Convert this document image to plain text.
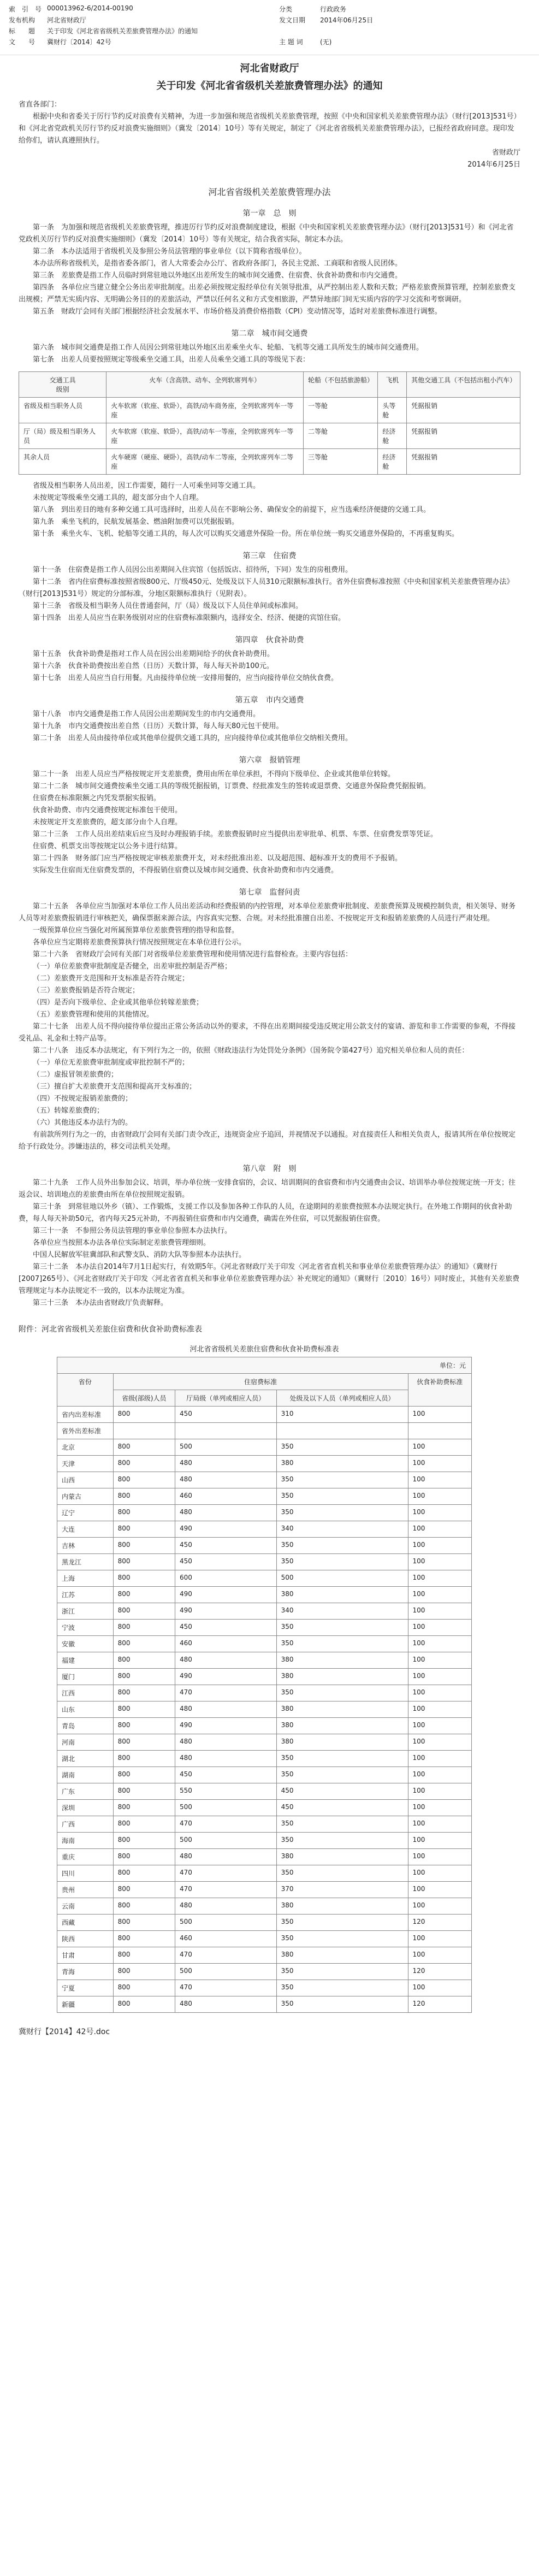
索　引　号 000013962-6/2014-00190	分类	行政政务
发布机构 河北省财政厅	发文日期 2014年06月25日
标　　题 关于印发《河北省省级机关差旅费管理办法》的通知
文　　号 冀财行〔2014〕42号	主 题 词	(无)
河北省财政厅
关于印发《河北省省级机关差旅费管理办法》的通知

省直各部门：

根据中央和省委关于厉行节约反对浪费有关精神，为进一步加强和规范省级机关差旅费管理，按照《中央和国家机关差旅费管理办法》（财行[2013]531号）和《河北省党政机关厉行节约反对浪费实施细则》（冀发〔2014〕10号）等有关规定，制定了《河北省省级机关差旅费管理办法》，已报经省政府同意。现印发给你们，请认真遵照执行。

省财政厅

2014年6月25日

河北省省级机关差旅费管理办法
第一章　总　则

第一条　为加强和规范省级机关差旅费管理，推进厉行节约反对浪费制度建设，根据《中央和国家机关差旅费管理办法》（财行[2013]531号）和《河北省党政机关厉行节约反对浪费实施细则》（冀发〔2014〕10号）等有关规定，结合我省实际，制定本办法。

第二条　本办法适用于省级机关及参照公务员法管理的事业单位（以下简称省级单位）。

本办法所称省级机关，是指省委各部门，省人大常委会办公厅、省政府各部门，各民主党派、工商联和省级人民团体。

第三条　差旅费是指工作人员临时到常驻地以外地区出差所发生的城市间交通费、住宿费、伙食补助费和市内交通费。

第四条　各单位应当建立健全公务出差审批制度。出差必须按规定报经单位有关领导批准，从严控制出差人数和天数；严格差旅费预算管理，控制差旅费支出规模；严禁无实质内容、无明确公务目的的差旅活动，严禁以任何名义和方式变相旅游，严禁异地部门间无实质内容的学习交流和考察调研。

第五条　财政厅会同有关部门根据经济社会发展水平、市场价格及消费价格指数（CPI）变动情况等，适时对差旅费标准进行调整。

第二章　城市间交通费

第六条　城市间交通费是指工作人员因公到常驻地以外地区出差乘坐火车、轮船、飞机等交通工具所发生的城市间交通费用。

第七条　出差人员要按照规定等级乘坐交通工具，出差人员乘坐交通工具的等级见下表：

交通工具
级别	火车（含高铁、动车、全列软席列车）	轮船（不包括旅游船）	飞机	其他交通工具（不包括出租小汽车）
省级及相当职务人员	火车软席（软座、软卧），高铁/动车商务座，全列软席列车一等座	一等舱	头等舱	凭据报销
厅（局）级及相当职务人员	火车软席（软座、软卧），高铁/动车一等座，全列软席列车一等座	二等舱	经济舱	凭据报销
其余人员	火车硬席（硬座、硬卧），高铁/动车二等座，全列软席列车二等座	三等舱	经济舱	凭据报销

省级及相当职务人员出差，因工作需要，随行一人可乘坐同等交通工具。

未按规定等级乘坐交通工具的，超支部分由个人自理。

第八条　到出差目的地有多种交通工具可选择时，出差人员在不影响公务、确保安全的前提下，应当选乘经济便捷的交通工具。

第九条　乘坐飞机的，民航发展基金、燃油附加费可以凭据报销。

第十条　乘坐火车、飞机、轮船等交通工具的，每人次可以购买交通意外保险一份。所在单位统一购买交通意外保险的，不再重复购买。

第三章　住宿费

第十一条　住宿费是指工作人员因公出差期间入住宾馆（包括饭店、招待所，下同）发生的房租费用。

第十二条　省内住宿费标准按照省级800元、厅级450元、处级及以下人员310元限额标准执行。省外住宿费标准按照《中央和国家机关差旅费管理办法》（财行[2013]531号）规定的分部标准，分地区限额标准执行（见附表）。

第十三条　省级及相当职务人员住普通套间，厅（局）级及以下人员住单间或标准间。

第十四条　出差人员应当在职务级别对应的住宿费标准限额内，选择安全、经济、便捷的宾馆住宿。

第四章　伙食补助费

第十五条　伙食补助费是指对工作人员在因公出差期间给予的伙食补助费用。

第十六条　伙食补助费按出差自然（日历）天数计算，每人每天补助100元。

第十七条　出差人员应当自行用餐。凡由接待单位统一安排用餐的，应当向接待单位交纳伙食费。

第五章　市内交通费

第十八条　市内交通费是指工作人员因公出差期间发生的市内交通费用。

第十九条　市内交通费按出差自然（日历）天数计算，每人每天80元包干使用。

第二十条　出差人员由接待单位或其他单位提供交通工具的，应向接待单位或其他单位交纳相关费用。

第六章　报销管理

第二十一条　出差人员应当严格按规定开支差旅费，费用由所在单位承担，不得向下级单位、企业或其他单位转嫁。

第二十二条　城市间交通费按乘坐交通工具的等级凭据报销，订票费、经批准发生的签转或退票费、交通意外保险费凭据报销。

住宿费在标准限额之内凭发票据实报销。

伙食补助费、市内交通费按规定标准包干使用。

未按规定开支差旅费的，超支部分由个人自理。

第二十三条　工作人员出差结束后应当及时办理报销手续。差旅费报销时应当提供出差审批单、机票、车票、住宿费发票等凭证。

住宿费、机票支出等按规定以公务卡进行结算。

第二十四条　财务部门应当严格按规定审核差旅费开支，对未经批准出差、以及超范围、超标准开支的费用不予报销。

实际发生住宿而无住宿费发票的，不得报销住宿费以及城市间交通费、伙食补助费和市内交通费。

第七章　监督问责

第二十五条　各单位应当加强对本单位工作人员出差活动和经费报销的内控管理，对本单位差旅费审批制度、差旅费预算及规模控制负责，相关领导、财务人员等对差旅费报销进行审核把关，确保票据来源合法，内容真实完整、合规。对未经批准擅自出差、不按规定开支和报销差旅费的人员进行严肃处理。

一级预算单位应当强化对所属预算单位差旅费管理的指导和监督。

各单位应当定期将差旅费预算执行情况按照规定在本单位进行公示。

第二十六条　省财政厅会同有关部门对省级单位差旅费管理和使用情况进行监督检查。主要内容包括：

（一）单位差旅费审批制度是否健全，出差审批控制是否严格；

（二）差旅费开支范围和开支标准是否符合规定；

（三）差旅费报销是否符合规定；

（四）是否向下级单位、企业或其他单位转嫁差旅费；

（五）差旅费管理和使用的其他情况。

第二十七条　出差人员不得向接待单位提出正常公务活动以外的要求，不得在出差期间接受违反规定用公款支付的宴请、游览和非工作需要的参观，不得接受礼品、礼金和土特产品等。

第二十八条　违反本办法规定，有下列行为之一的，依照《财政违法行为处罚处分条例》（国务院令第427号）追究相关单位和人员的责任：

（一）单位无差旅费审批制度或审批控制不严的；

（二）虚报冒领差旅费的；

（三）擅自扩大差旅费开支范围和提高开支标准的；

（四）不按规定报销差旅费的；

（五）转嫁差旅费的；

（六）其他违反本办法行为的。

有前款所列行为之一的，由省财政厅会同有关部门责令改正，违规资金应予追回，并视情况予以通报。对直接责任人和相关负责人，报请其所在单位按规定给予行政处分。涉嫌违法的，移交司法机关处理。

第八章　附　则

第二十九条　工作人员外出参加会议、培训，举办单位统一安排食宿的，会议、培训期间的食宿费和市内交通费由会议、培训举办单位按规定统一开支；往返会议、培训地点的差旅费由所在单位按照规定报销。

第三十条　到常驻地以外乡（镇）、工作锻炼，支援工作以及参加各种工作队的人员，在途期间的差旅费按照本办法规定执行。在外地工作期间的伙食补助费，每人每天补助50元，省内每天25元补助，不再报销住宿费和市内交通费，确需在外住宿，可以凭据报销住宿费。

第三十一条　不参照公务员法管理的事业单位参照本办法执行。

各单位应当按照本办法各单位实际制定差旅费管理细则。

中国人民解放军驻冀部队和武警支队、消防大队等参照本办法执行。

第三十二条　本办法自2014年7月1日起实行，有效期5年。《河北省财政厅关于印发〈河北省省直机关和事业单位差旅费管理办法〉的通知》（冀财行[2007]265号）、《河北省财政厅关于印发〈河北省省直机关和事业单位差旅费管理办法〉补充规定的通知》（冀财行〔2010〕16号）同时废止，其他有关差旅费管理规定与本办法规定不一致的，以本办法规定为准。

第三十三条　本办法由省财政厅负责解释。

附件：河北省省级机关差旅住宿费和伙食补助费标准表
河北省省级机关差旅住宿费和伙食补助费标准表
单位：元				
省份	住宿费标准			伙食补助费标准
	省级(部级)人员	厅局级（单列或相应人员）	处级及以下人员（单列或相应人员）	
省内出差标准	800	450	310	100
省外出差标准				
北京	800	500	350	100
天津	800	480	380	100
山西	800	480	350	100
内蒙古	800	460	350	100
辽宁	800	480	350	100
大连	800	490	340	100
吉林	800	450	350	100
黑龙江	800	450	350	100
上海	800	600	500	100
江苏	800	490	380	100
浙江	800	490	340	100
宁波	800	450	350	100
安徽	800	460	350	100
福建	800	480	380	100
厦门	800	490	380	100
江西	800	470	350	100
山东	800	480	380	100
青岛	800	490	380	100
河南	800	480	380	100
湖北	800	480	350	100
湖南	800	450	350	100
广东	800	550	450	100
深圳	800	500	450	100
广西	800	470	350	100
海南	800	500	350	100
重庆	800	480	380	100
四川	800	470	350	100
贵州	800	470	370	100
云南	800	480	380	100
西藏	800	500	350	120
陕西	800	460	350	100
甘肃	800	470	380	100
青海	800	500	350	120
宁夏	800	470	350	100
新疆	800	480	350	120
冀财行【2014】42号.doc
